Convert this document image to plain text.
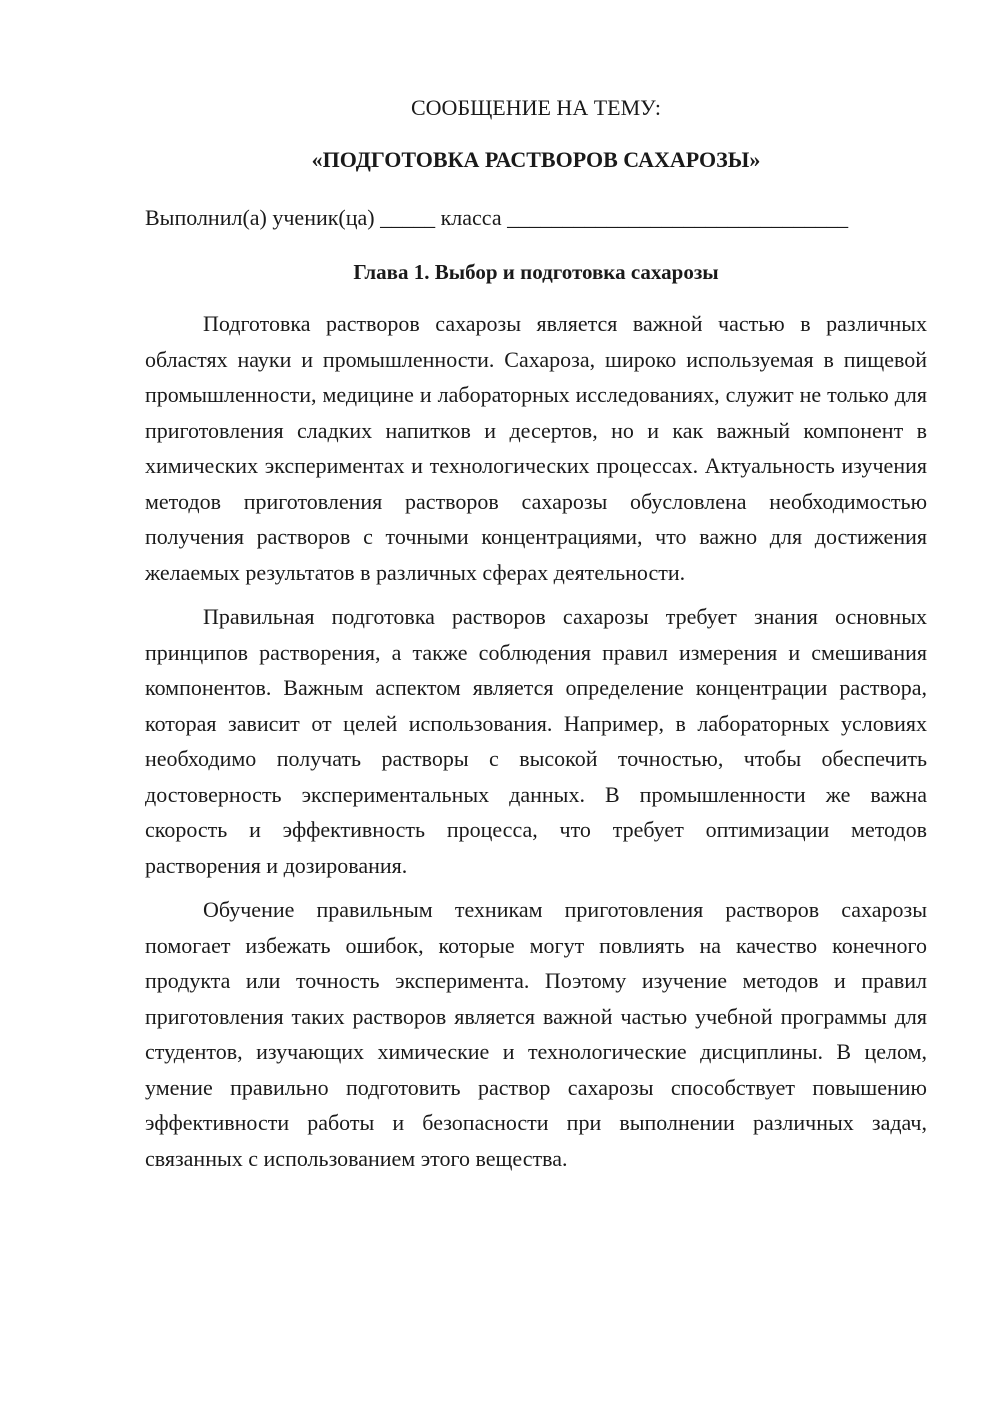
СООБЩЕНИЕ НА ТЕМУ:

«ПОДГОТОВКА РАСТВОРОВ САХАРОЗЫ»

Выполнил(а) ученик(ца) _____ класса _______________________________

Глава 1. Выбор и подготовка сахарозы

Подготовка растворов сахарозы является важной частью в различных областях науки и промышленности. Сахароза, широко используемая в пищевой промышленности, медицине и лабораторных исследованиях, служит не только для приготовления сладких напитков и десертов, но и как важный компонент в химических экспериментах и технологических процессах. Актуальность изучения методов приготовления растворов сахарозы обусловлена необходимостью получения растворов с точными концентрациями, что важно для достижения желаемых результатов в различных сферах деятельности.

Правильная подготовка растворов сахарозы требует знания основных принципов растворения, а также соблюдения правил измерения и смешивания компонентов. Важным аспектом является определение концентрации раствора, которая зависит от целей использования. Например, в лабораторных условиях необходимо получать растворы с высокой точностью, чтобы обеспечить достоверность экспериментальных данных. В промышленности же важна скорость и эффективность процесса, что требует оптимизации методов растворения и дозирования.

Обучение правильным техникам приготовления растворов сахарозы помогает избежать ошибок, которые могут повлиять на качество конечного продукта или точность эксперимента. Поэтому изучение методов и правил приготовления таких растворов является важной частью учебной программы для студентов, изучающих химические и технологические дисциплины. В целом, умение правильно подготовить раствор сахарозы способствует повышению эффективности работы и безопасности при выполнении различных задач, связанных с использованием этого вещества.
